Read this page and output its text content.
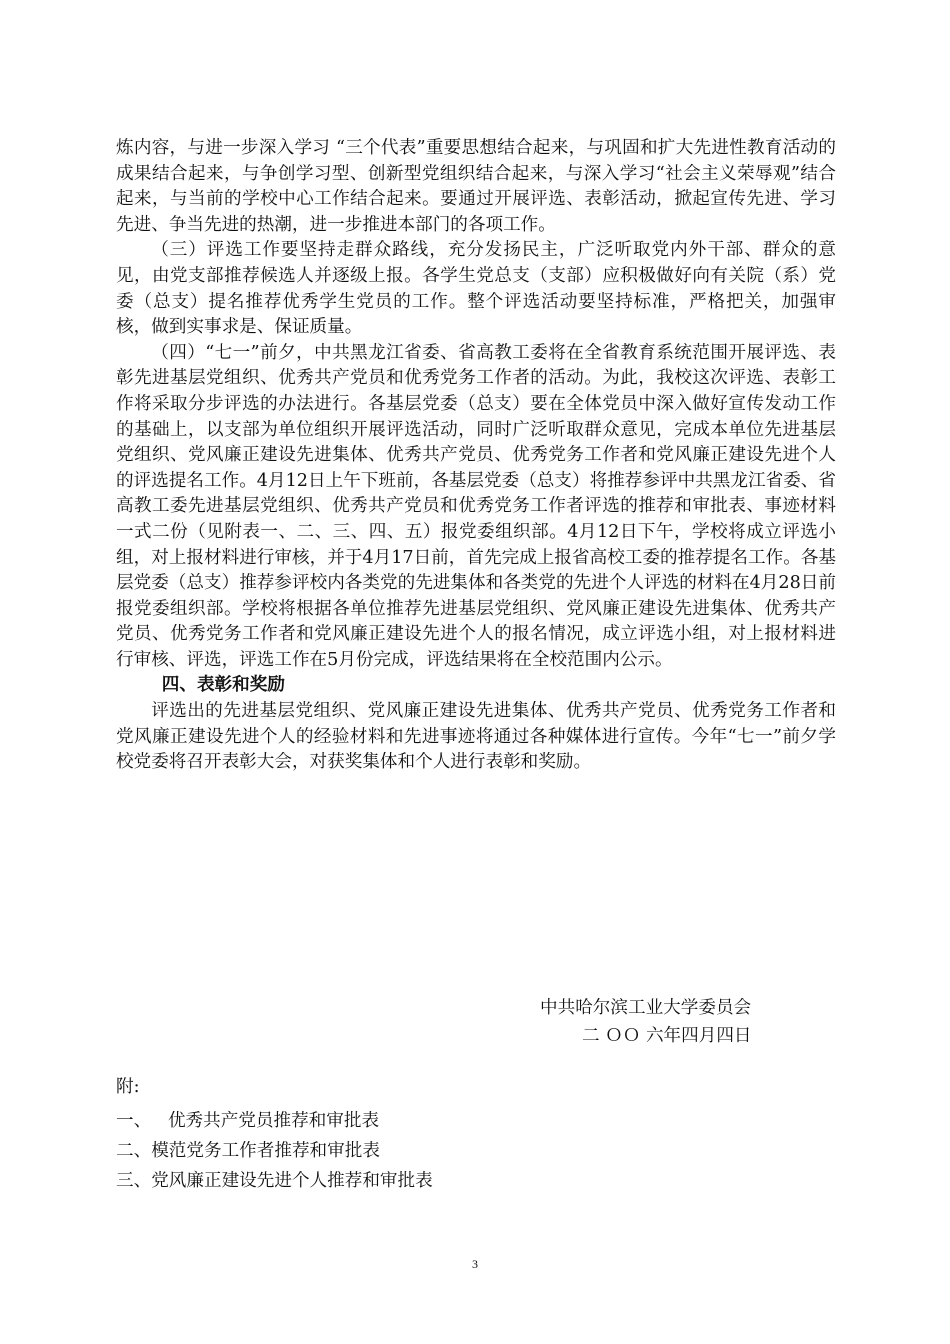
炼内容，与进一步深入学习 “三个代表”重要思想结合起来，与巩固和扩大先进性教育活动的成果结合起来，与争创学习型、创新型党组织结合起来，与深入学习“社会主义荣辱观”结合起来，与当前的学校中心工作结合起来。要通过开展评选、表彰活动，掀起宣传先进、学习先进、争当先进的热潮，进一步推进本部门的各项工作。

（三）评选工作要坚持走群众路线，充分发扬民主，广泛听取党内外干部、群众的意见，由党支部推荐候选人并逐级上报。各学生党总支（支部）应积极做好向有关院（系）党委（总支）提名推荐优秀学生党员的工作。整个评选活动要坚持标准，严格把关，加强审核，做到实事求是、保证质量。

（四）“七一”前夕，中共黑龙江省委、省高教工委将在全省教育系统范围开展评选、表彰先进基层党组织、优秀共产党员和优秀党务工作者的活动。为此，我校这次评选、表彰工作将采取分步评选的办法进行。各基层党委（总支）要在全体党员中深入做好宣传发动工作的基础上，以支部为单位组织开展评选活动，同时广泛听取群众意见，完成本单位先进基层党组织、党风廉正建设先进集体、优秀共产党员、优秀党务工作者和党风廉正建设先进个人的评选提名工作。4月12日上午下班前，各基层党委（总支）将推荐参评中共黑龙江省委、省高教工委先进基层党组织、优秀共产党员和优秀党务工作者评选的推荐和审批表、事迹材料一式二份（见附表一、二、三、四、五）报党委组织部。4月12日下午，学校将成立评选小组，对上报材料进行审核，并于4月17日前，首先完成上报省高校工委的推荐提名工作。各基层党委（总支）推荐参评校内各类党的先进集体和各类党的先进个人评选的材料在4月28日前报党委组织部。学校将根据各单位推荐先进基层党组织、党风廉正建设先进集体、优秀共产党员、优秀党务工作者和党风廉正建设先进个人的报名情况，成立评选小组，对上报材料进行审核、评选，评选工作在5月份完成，评选结果将在全校范围内公示。

四、表彰和奖励

评选出的先进基层党组织、党风廉正建设先进集体、优秀共产党员、优秀党务工作者和党风廉正建设先进个人的经验材料和先进事迹将通过各种媒体进行宣传。今年“七一”前夕学校党委将召开表彰大会，对获奖集体和个人进行表彰和奖励。

中共哈尔滨工业大学委员会
二 ＯＯ 六年四月四日
附:
一、   优秀共产党员推荐和审批表
二、模范党务工作者推荐和审批表
三、党风廉正建设先进个人推荐和审批表
3
